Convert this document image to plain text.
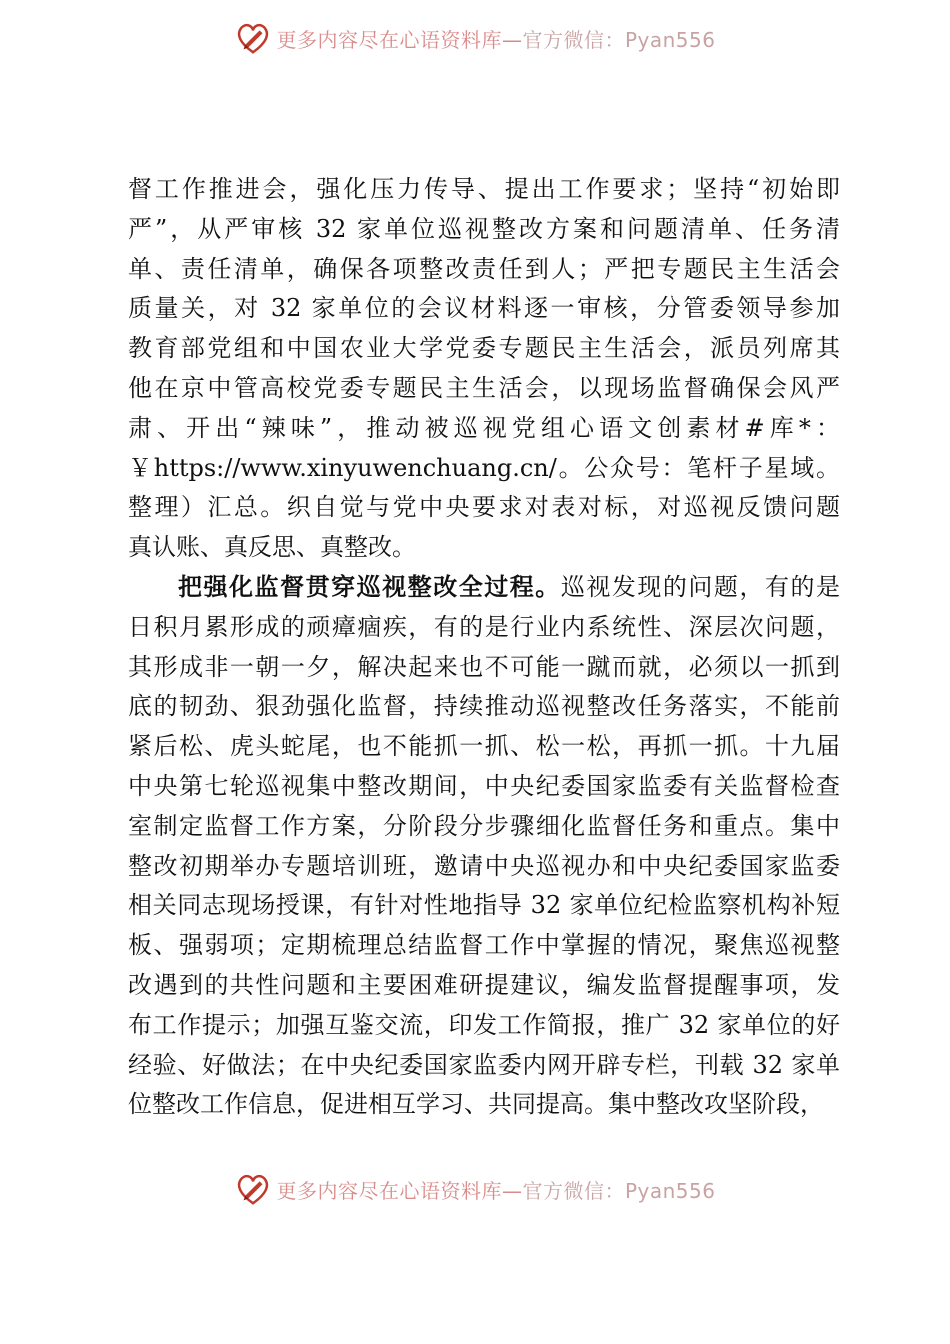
更多内容尽在心语资料库—官方微信：Pyan556
督工作推进会，强化压力传导、提出工作要求；坚持“初始即
严”，从严审核 32 家单位巡视整改方案和问题清单、任务清
单、责任清单，确保各项整改责任到人；严把专题民主生活会
质量关，对 32 家单位的会议材料逐一审核，分管委领导参加
教育部党组和中国农业大学党委专题民主生活会，派员列席其
他在京中管高校党委专题民主生活会，以现场监督确保会风严
肃、开出“辣味”，推动被巡视党组心语文创素材#库*：
￥https://www.xinyuwenchuang.cn/。公众号：笔杆子星域。
整理）汇总。织自觉与党中央要求对表对标，对巡视反馈问题
真认账、真反思、真整改。
把强化监督贯穿巡视整改全过程。巡视发现的问题，有的是
日积月累形成的顽瘴痼疾，有的是行业内系统性、深层次问题，
其形成非一朝一夕，解决起来也不可能一蹴而就，必须以一抓到
底的韧劲、狠劲强化监督，持续推动巡视整改任务落实，不能前
紧后松、虎头蛇尾，也不能抓一抓、松一松，再抓一抓。十九届
中央第七轮巡视集中整改期间，中央纪委国家监委有关监督检查
室制定监督工作方案，分阶段分步骤细化监督任务和重点。集中
整改初期举办专题培训班，邀请中央巡视办和中央纪委国家监委
相关同志现场授课，有针对性地指导 32 家单位纪检监察机构补短
板、强弱项；定期梳理总结监督工作中掌握的情况，聚焦巡视整
改遇到的共性问题和主要困难研提建议，编发监督提醒事项，发
布工作提示；加强互鉴交流，印发工作简报，推广 32 家单位的好
经验、好做法；在中央纪委国家监委内网开辟专栏，刊载 32 家单
位整改工作信息，促进相互学习、共同提高。集中整改攻坚阶段，
更多内容尽在心语资料库—官方微信：Pyan556
